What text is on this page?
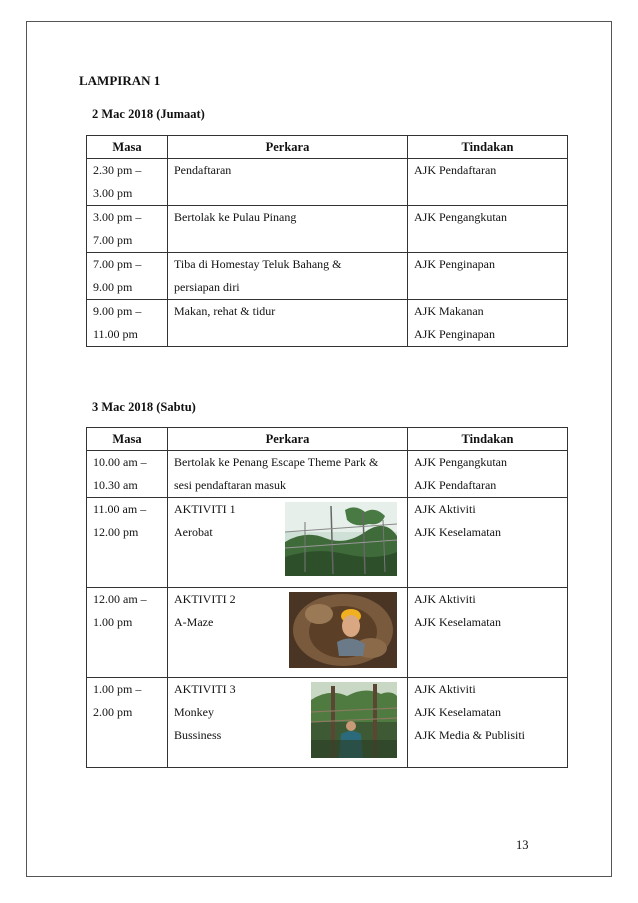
LAMPIRAN 1
2 Mac 2018 (Jumaat)
Masa	Perkara	Tindakan

2.30 pm –
3.00 pm	Pendaftaran	AJK Pendaftaran

3.00 pm –
7.00 pm	Bertolak ke Pulau Pinang	AJK Pengangkutan

7.00 pm –
9.00 pm	Tiba di Homestay Teluk Bahang &
persiapan diri	AJK Penginapan

9.00 pm –
11.00 pm	Makan, rehat & tidur	AJK Makanan
AJK Penginapan
3 Mac 2018 (Sabtu)
Masa	Perkara	Tindakan

10.00 am –
10.30 am	Bertolak ke Penang Escape Theme Park &
sesi pendaftaran masuk	AJK Pengangkutan
AJK Pendaftaran

11.00 am –
12.00 pm	AKTIVITI 1
Aerobat	AJK Aktiviti
AJK Keselamatan

12.00 am –
1.00 pm	AKTIVITI 2
A-Maze	AJK Aktiviti
AJK Keselamatan

1.00 pm –
2.00 pm	AKTIVITI 3
Monkey
Bussiness	AJK Aktiviti
AJK Keselamatan
AJK Media & Publisiti
13
